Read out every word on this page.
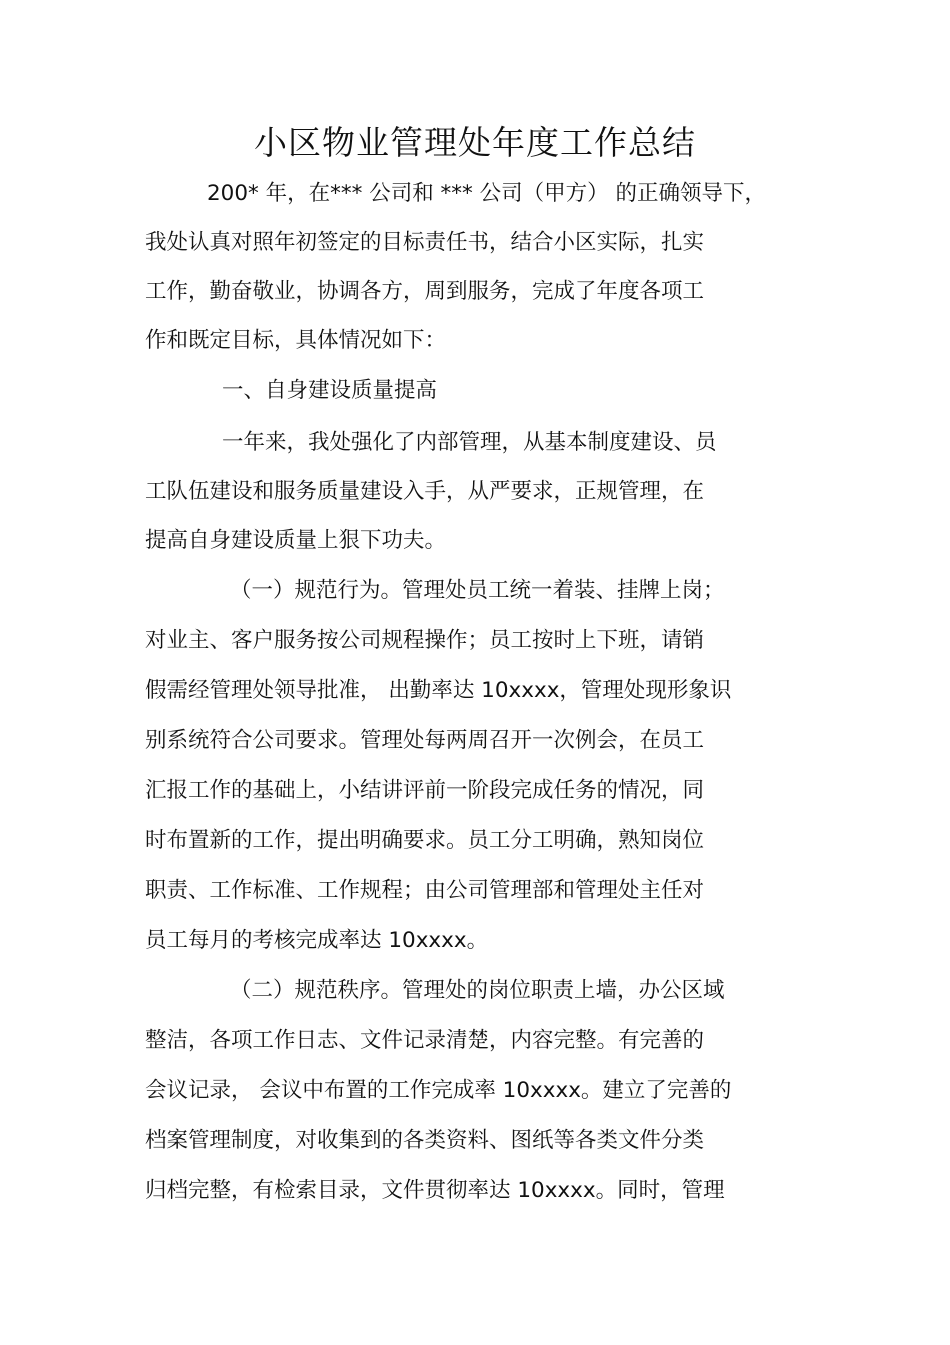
小区物业管理处年度工作总结
200* 年，在*** 公司和 *** 公司（甲方） 的正确领导下，
我处认真对照年初签定的目标责任书，结合小区实际，扎实
工作，勤奋敬业，协调各方，周到服务，完成了年度各项工
作和既定目标，具体情况如下：
一、自身建设质量提高
一年来，我处强化了内部管理，从基本制度建设、员
工队伍建设和服务质量建设入手，从严要求，正规管理，在
提高自身建设质量上狠下功夫。
（一）规范行为。管理处员工统一着装、挂牌上岗；
对业主、客户服务按公司规程操作；员工按时上下班，请销
假需经管理处领导批准， 出勤率达 10xxxx，管理处现形象识
别系统符合公司要求。管理处每两周召开一次例会，在员工
汇报工作的基础上，小结讲评前一阶段完成任务的情况，同
时布置新的工作，提出明确要求。员工分工明确，熟知岗位
职责、工作标准、工作规程；由公司管理部和管理处主任对
员工每月的考核完成率达 10xxxx。
（二）规范秩序。管理处的岗位职责上墙，办公区域
整洁，各项工作日志、文件记录清楚，内容完整。有完善的
会议记录， 会议中布置的工作完成率 10xxxx。建立了完善的
档案管理制度，对收集到的各类资料、图纸等各类文件分类
归档完整，有检索目录，文件贯彻率达 10xxxx。同时，管理
